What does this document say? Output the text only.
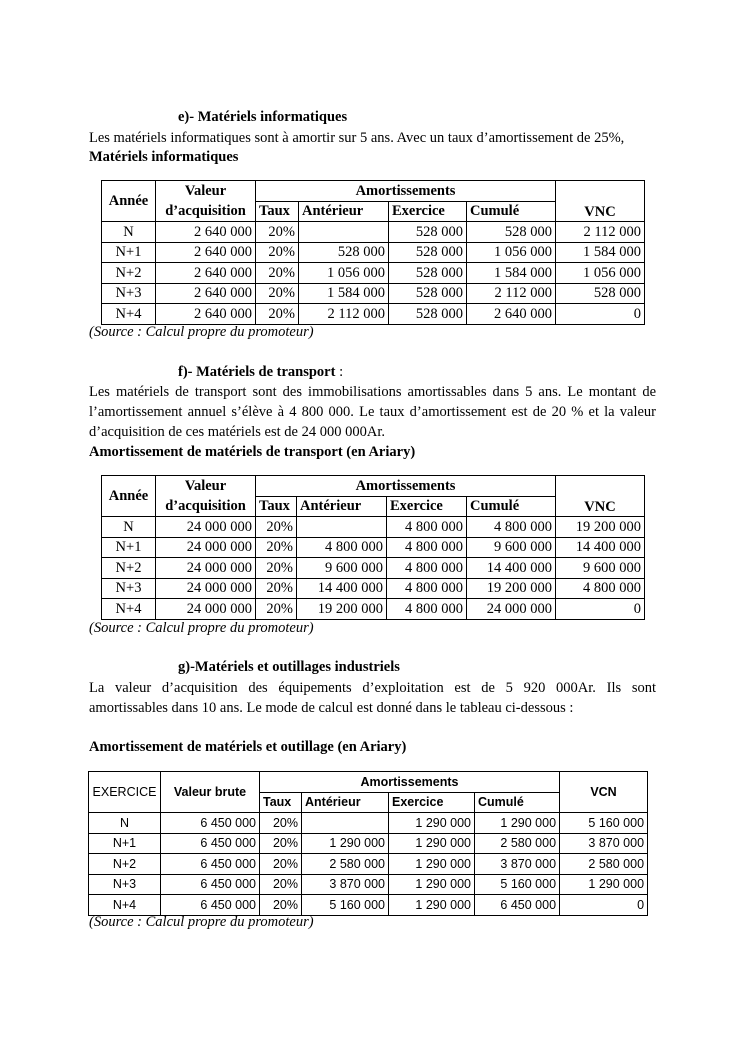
e)- Matériels informatiques
Les matériels informatiques sont à amortir sur 5 ans. Avec un taux d’amortissement de 25%,
Matériels informatiques
Année	Valeur	Amortissements				VNC
	d’acquisition	Taux	Antérieur	Exercice	Cumulé	
N	2 640 000	20%		528 000	528 000	2 112 000
N+1	2 640 000	20%	528 000	528 000	1 056 000	1 584 000
N+2	2 640 000	20%	1 056 000	528 000	1 584 000	1 056 000
N+3	2 640 000	20%	1 584 000	528 000	2 112 000	528 000
N+4	2 640 000	20%	2 112 000	528 000	2 640 000	0
(Source : Calcul propre du promoteur)
f)- Matériels de transport :
Les matériels de transport sont des immobilisations amortissables dans 5 ans. Le montant de
l’amortissement annuel s’élève à 4 800 000. Le taux d’amortissement est de 20 % et la valeur
d’acquisition de ces matériels est de 24 000 000Ar.
Amortissement de matériels de transport (en Ariary)
Année	Valeur	Amortissements				VNC
	d’acquisition	Taux	Antérieur	Exercice	Cumulé	
N	24 000 000	20%		4 800 000	4 800 000	19 200 000
N+1	24 000 000	20%	4 800 000	4 800 000	9 600 000	14 400 000
N+2	24 000 000	20%	9 600 000	4 800 000	14 400 000	9 600 000
N+3	24 000 000	20%	14 400 000	4 800 000	19 200 000	4 800 000
N+4	24 000 000	20%	19 200 000	4 800 000	24 000 000	0
(Source : Calcul propre du promoteur)
g)-Matériels et outillages industriels
La valeur d’acquisition des équipements d’exploitation est de 5 920 000Ar. Ils sont
amortissables dans 10 ans. Le mode de calcul est donné dans le tableau ci-dessous :
Amortissement de matériels et outillage (en Ariary)
EXERCICE	Valeur brute	Amortissements				VCN
		Taux	Antérieur	Exercice	Cumulé	
N	6 450 000	20%		1 290 000	1 290 000	5 160 000
N+1	6 450 000	20%	1 290 000	1 290 000	2 580 000	3 870 000
N+2	6 450 000	20%	2 580 000	1 290 000	3 870 000	2 580 000
N+3	6 450 000	20%	3 870 000	1 290 000	5 160 000	1 290 000
N+4	6 450 000	20%	5 160 000	1 290 000	6 450 000	0
(Source : Calcul propre du promoteur)
